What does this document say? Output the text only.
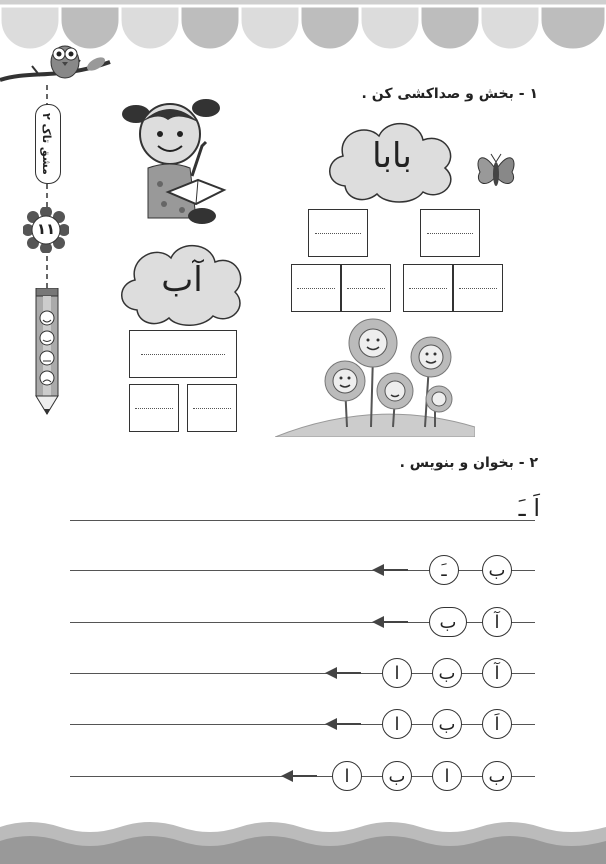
مشق تاک ۲
۱۱
۱ - بخش و صداکشی کن .
بابا
آب
۲ - بخوان و بنویس .
اَ ـَ
ب
ـَ
آ
ب
آ
ب
ا
اَ
ب
ا
ب
ا
ب
ا
